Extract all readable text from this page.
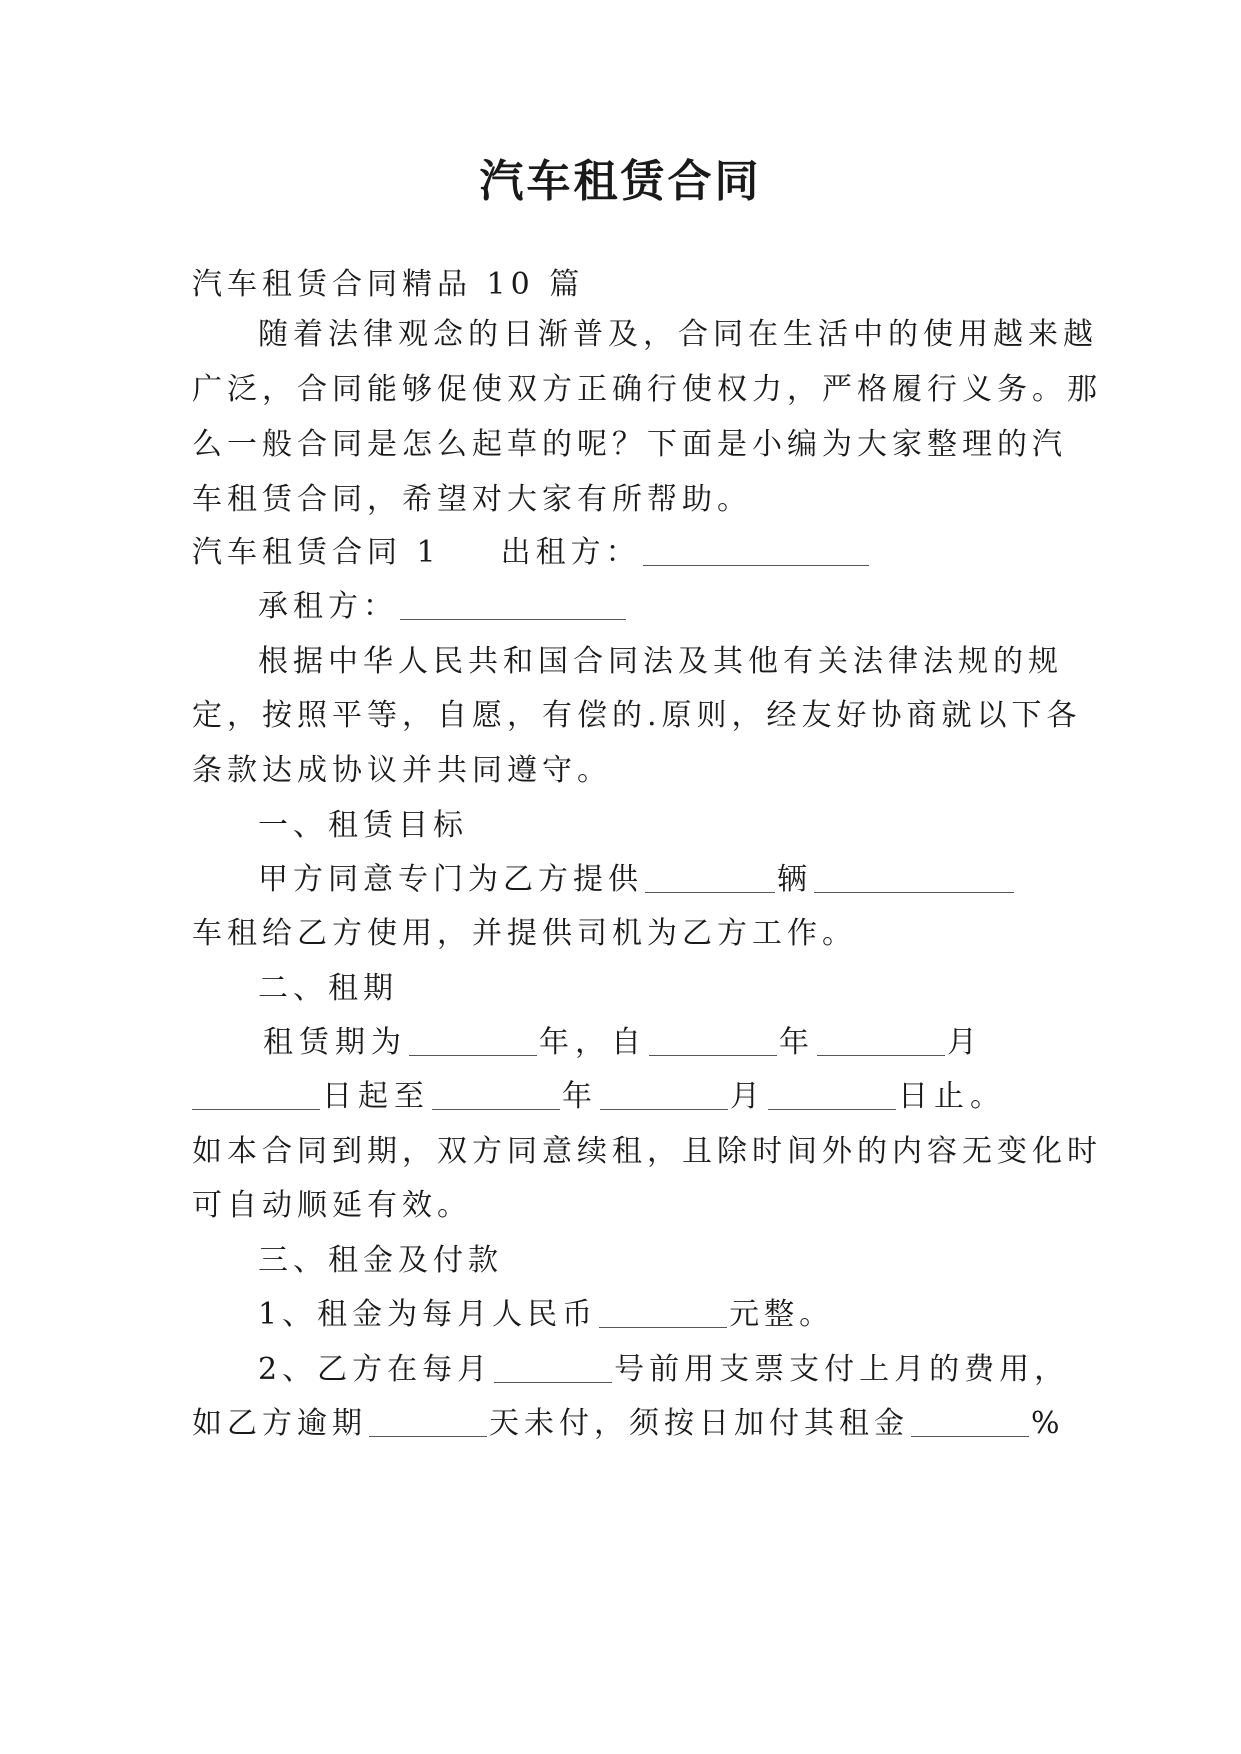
汽车租赁合同
汽车租赁合同精品 10 篇
随着法律观念的日渐普及，合同在生活中的使用越来越
广泛，合同能够促使双方正确行使权力，严格履行义务。那
么一般合同是怎么起草的呢？下面是小编为大家整理的汽
车租赁合同，希望对大家有所帮助。
汽车租赁合同 1 出租方：
承租方：
根据中华人民共和国合同法及其他有关法律法规的规
定，按照平等，自愿，有偿的.原则，经友好协商就以下各
条款达成协议并共同遵守。
一、租赁目标
甲方同意专门为乙方提供	辆
车租给乙方使用，并提供司机为乙方工作。
二、租期
租赁期为	年，自	年	月
日起至	年	月	日止。
如本合同到期，双方同意续租，且除时间外的内容无变化时
可自动顺延有效。
三、租金及付款
1、租金为每月人民币	元整。
2、乙方在每月	号前用支票支付上月的费用，
如乙方逾期	天未付，须按日加付其租金	%
